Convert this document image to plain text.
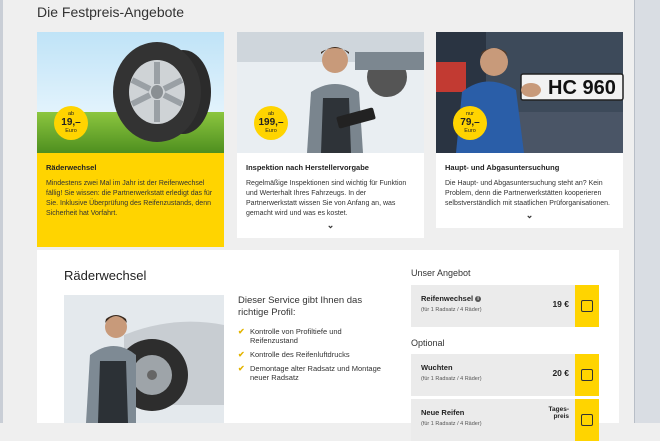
Die Festpreis-Angebote
ab
19,–
Euro
Räderwechsel
Mindestens zwei Mal im Jahr ist der Reifenwechsel fällig! Sie wissen: die Partnerwerkstatt erledigt das für Sie. Inklusive Überprüfung des Reifenzustands, denn Sicherheit hat Vorfahrt.
ab
199,–
Euro
Inspektion nach Herstellervorgabe
Regelmäßige Inspektionen sind wichtig für Funktion und Werterhalt Ihres Fahrzeugs. In der Partnerwerkstatt wissen Sie von Anfang an, was gemacht wird und was es kostet.
⌄
HC 960
nur
79,–
Euro
Haupt- und Abgasuntersuchung
Die Haupt- und Abgasuntersuchung steht an? Kein Problem, denn die Partnerwerkstätten kooperieren selbstverständlich mit staatlichen Prüforganisationen.
⌄
Räderwechsel
Dieser Service gibt Ihnen das richtige Profil:
✔ Kontrolle von Profiltiefe und Reifenzustand
✔ Kontrolle des Reifenluftdrucks
✔ Demontage alter Radsatz und Montage neuer Radsatz
Unser Angebot
Reifenwechsel i
(für 1 Radsatz / 4 Räder)
19 €
Optional
Wuchten
(für 1 Radsatz / 4 Räder)
20 €
Neue Reifen
(für 1 Radsatz / 4 Räder)
Tages-
preis
